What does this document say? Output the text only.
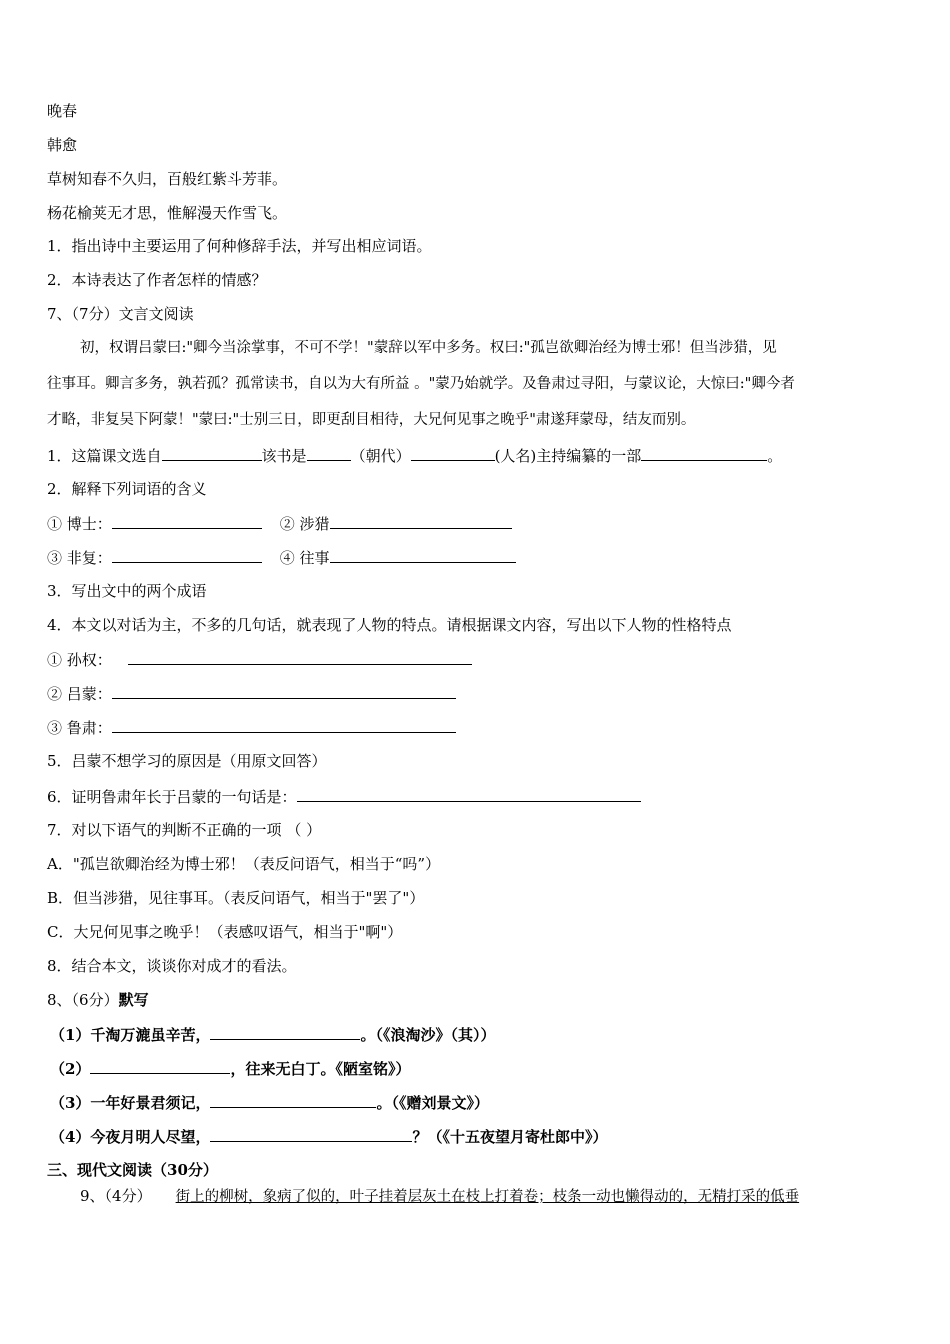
晚春
韩愈
草树知春不久归，百般红紫斗芳菲。
杨花榆荚无才思，惟解漫天作雪飞。
1．指出诗中主要运用了何种修辞手法，并写出相应词语。
2．本诗表达了作者怎样的情感？
7、（7分）文言文阅读
初，权谓吕蒙曰:"卿今当涂掌事，不可不学！"蒙辞以军中多务。权曰:"孤岂欲卿治经为博士邪！但当涉猎，见
往事耳。卿言多务，孰若孤？孤常读书，自以为大有所益 。"蒙乃始就学。及鲁肃过寻阳，与蒙议论，大惊曰:"卿今者
才略，非复吴下阿蒙！"蒙曰:"士别三日，即更刮目相待，大兄何见事之晚乎"肃遂拜蒙母，结友而别。
1．这篇课文选自	该书是	（朝代）	(人名)主持编纂的一部	。
2．解释下列词语的含义
① 博士：	② 涉猎
③ 非复：	④ 往事
3．写出文中的两个成语
4．本文以对话为主，不多的几句话，就表现了人物的特点。请根据课文内容，写出以下人物的性格特点
① 孙权：
② 吕蒙：
③ 鲁肃：
5．吕蒙不想学习的原因是（用原文回答）
6．证明鲁肃年长于吕蒙的一句话是：
7．对以下语气的判断不正确的一项 （ ）
A．"孤岂欲卿治经为博士邪！（表反问语气，相当于“吗”）
B．但当涉猎，见往事耳。（表反问语气，相当于"罢了"）
C．大兄何见事之晚乎！（表感叹语气，相当于"啊"）
8．结合本文，谈谈你对成才的看法。
8、（6分）默写
（1）千淘万漉虽辛苦，	。（《浪淘沙》（其））
（2）	，往来无白丁。《陋室铭》）
（3）一年好景君须记，	。（《赠刘景文》）
（4）今夜月明人尽望，	？（《十五夜望月寄杜郎中》）
三、现代文阅读（30分）
9、（4分） 街上的柳树，象病了似的，叶子挂着层灰土在枝上打着卷；枝条一动也懒得动的，无精打采的低垂
